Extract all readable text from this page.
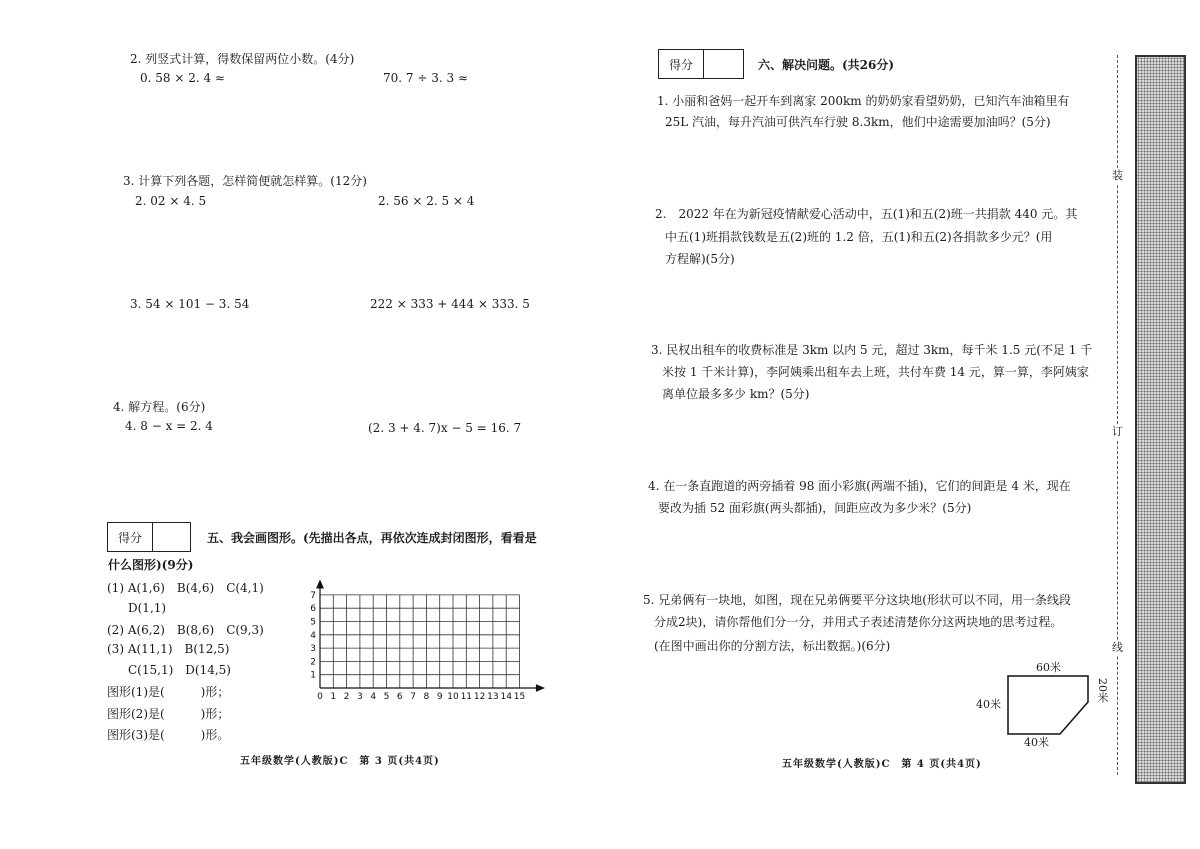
2. 列竖式计算，得数保留两位小数。(4分)
0. 58 × 2. 4 ≈	70. 7 ÷ 3. 3 ≈
3. 计算下列各题，怎样简便就怎样算。(12分)
2. 02 × 4. 5	2. 56 × 2. 5 × 4
3. 54 × 101 − 3. 54	222 × 333 + 444 × 333. 5
4. 解方程。(6分)
4. 8 − x = 2. 4	(2. 3 + 4. 7)x − 5 = 16. 7
得分	五、我会画图形。(先描出各点，再依次连成封闭图形，看看是
什么图形)(9分)
(1) A(1,6)　B(4,6)　C(4,1)
D(1,1)
(2) A(6,2)　B(8,6)　C(9,3)
(3) A(11,1)　B(12,5)
C(15,1)　D(14,5)
图形(1)是(　　　)形；
图形(2)是(　　　)形；
图形(3)是(　　　)形。
0 1 2 3 4 5 6 7 8 9 10 11 12 13 14 15
1
2
3
4
5
6
7
五年级数学(人教版)C　第 3 页(共4页)
得分	六、解决问题。(共26分)
1. 小丽和爸妈一起开车到离家 200km 的奶奶家看望奶奶，已知汽车油箱里有
25L 汽油，每升汽油可供汽车行驶 8.3km，他们中途需要加油吗？(5分)
2.　2022 年在为新冠疫情献爱心活动中，五(1)和五(2)班一共捐款 440 元。其
中五(1)班捐款钱数是五(2)班的 1.2 倍，五(1)和五(2)各捐款多少元？(用
方程解)(5分)
3. 民权出租车的收费标准是 3km 以内 5 元，超过 3km，每千米 1.5 元(不足 1 千
米按 1 千米计算)，李阿姨乘出租车去上班，共付车费 14 元，算一算，李阿姨家
离单位最多多少 km？(5分)
4. 在一条直跑道的两旁插着 98 面小彩旗(两端不插)，它们的间距是 4 米，现在
要改为插 52 面彩旗(两头都插)，间距应改为多少米？(5分)
5. 兄弟俩有一块地，如图，现在兄弟俩要平分这块地(形状可以不同，用一条线段
分成2块)，请你帮他们分一分，并用式子表述清楚你分这两块地的思考过程。
(在图中画出你的分割方法，标出数据。)(6分)
60米
40米
40米
20米
五年级数学(人教版)C　第 4 页(共4页)
装
订
线
